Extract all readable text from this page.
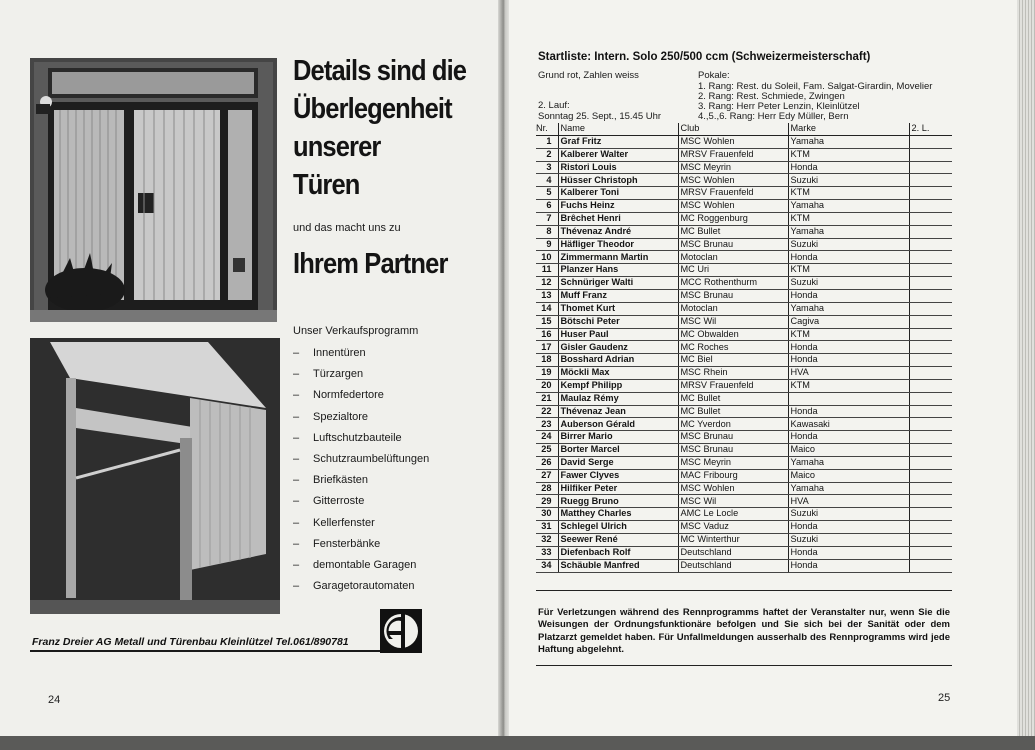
Details sind die
Überlegenheit
unserer
Türen
und das macht uns zu
Ihrem Partner
Unser Verkaufsprogramm
– Innentüren
– Türzargen
– Normfedertore
– Spezialtore
– Luftschutzbauteile
– Schutzraumbelüftungen
– Briefkästen
– Gitterroste
– Kellerfenster
– Fensterbänke
– demontable Garagen
– Garagetorautomaten
Franz Dreier AG Metall und Türenbau Kleinlützel Tel.061/890781
24
Startliste: Intern. Solo 250/500 ccm (Schweizermeisterschaft)
Grund rot, Zahlen weiss
2. Lauf:
Sonntag 25. Sept., 15.45 Uhr
Pokale:
1. Rang: Rest. du Soleil, Fam. Salgat-Girardin, Movelier
2. Rang: Rest. Schmiede, Zwingen
3. Rang: Herr Peter Lenzin, Kleinlützel
4.,5.,6. Rang: Herr Edy Müller, Bern
Nr.	Name	Club	Marke	2. L.
1	Graf Fritz	MSC Wohlen	Yamaha	
2	Kalberer Walter	MRSV Frauenfeld	KTM	
3	Ristori Louis	MSC Meyrin	Honda	
4	Hüsser Christoph	MSC Wohlen	Suzuki	
5	Kalberer Toni	MRSV Frauenfeld	KTM	
6	Fuchs Heinz	MSC Wohlen	Yamaha	
7	Brêchet Henri	MC Roggenburg	KTM	
8	Thévenaz André	MC Bullet	Yamaha	
9	Häfliger Theodor	MSC Brunau	Suzuki	
10	Zimmermann Martin	Motoclan	Honda	
11	Planzer Hans	MC Uri	KTM	
12	Schnüriger Walti	MCC Rothenthurm	Suzuki	
13	Muff Franz	MSC Brunau	Honda	
14	Thomet Kurt	Motoclan	Yamaha	
15	Bötschi Peter	MSC Wil	Cagiva	
16	Huser Paul	MC Obwalden	KTM	
17	Gisler Gaudenz	MC Roches	Honda	
18	Bosshard Adrian	MC Biel	Honda	
19	Möckli Max	MSC Rhein	HVA	
20	Kempf Philipp	MRSV Frauenfeld	KTM	
21	Maulaz Rémy	MC Bullet		
22	Thévenaz Jean	MC Bullet	Honda	
23	Auberson Gérald	MC Yverdon	Kawasaki	
24	Birrer Mario	MSC Brunau	Honda	
25	Borter Marcel	MSC Brunau	Maico	
26	David Serge	MSC Meyrin	Yamaha	
27	Fawer Clyves	MAC Fribourg	Maico	
28	Hilfiker Peter	MSC Wohlen	Yamaha	
29	Ruegg Bruno	MSC Wil	HVA	
30	Matthey Charles	AMC Le Locle	Suzuki	
31	Schlegel Ulrich	MSC Vaduz	Honda	
32	Seewer René	MC Winterthur	Suzuki	
33	Diefenbach Rolf	Deutschland	Honda	
34	Schäuble Manfred	Deutschland	Honda	
Für Verletzungen während des Rennprogramms haftet der Veranstalter nur, wenn Sie die Weisungen der Ordnungsfunktionäre befolgen und Sie sich bei der Sanität oder dem Platzarzt gemeldet haben. Für Unfallmeldungen ausserhalb des Rennprogramms wird jede Haftung abgelehnt.
25
